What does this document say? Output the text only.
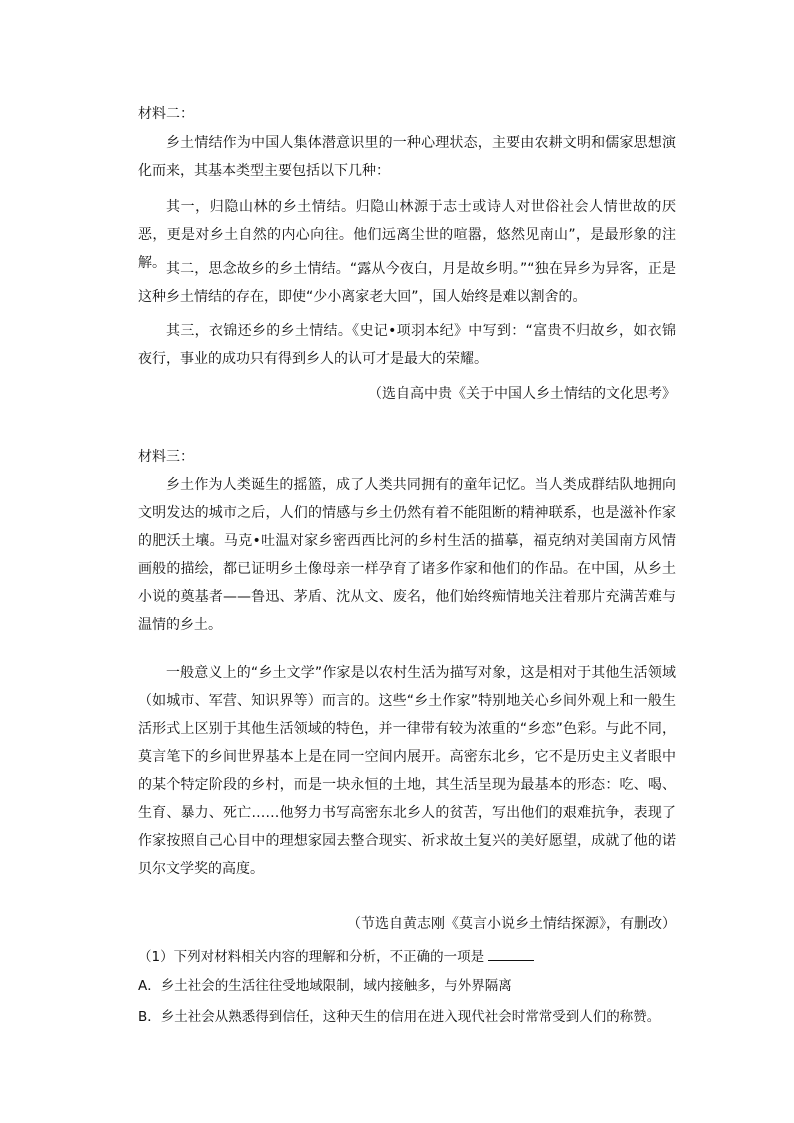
材料二：

乡土情结作为中国人集体潜意识里的一种心理状态，主要由农耕文明和儒家思想演化而来，其基本类型主要包括以下几种：

其一，归隐山林的乡土情结。归隐山林源于志士或诗人对世俗社会人情世故的厌恶，更是对乡土自然的内心向往。他们远离尘世的喧嚣，悠然见南山”，是最形象的注解。 其二，思念故乡的乡土情结。“露从今夜白，月是故乡明。”“独在异乡为异客，正是这种乡土情结的存在，即使“少小离家老大回”，国人始终是难以割舍的。

其三，衣锦还乡的乡土情结。《史记•项羽本纪》中写到：“富贵不归故乡，如衣锦夜行，事业的成功只有得到乡人的认可才是最大的荣耀。

（选自高中贵《关于中国人乡土情结的文化思考》

材料三：

乡土作为人类诞生的摇篮，成了人类共同拥有的童年记忆。当人类成群结队地拥向文明发达的城市之后，人们的情感与乡土仍然有着不能阻断的精神联系，也是滋补作家的肥沃土壤。马克•吐温对家乡密西西比河的乡村生活的描摹，福克纳对美国南方风情画般的描绘，都已证明乡土像母亲一样孕育了诸多作家和他们的作品。在中国，从乡土小说的奠基者——鲁迅、茅盾、沈从文、废名，他们始终痴情地关注着那片充满苦难与温情的乡土。

一般意义上的“乡土文学”作家是以农村生活为描写对象，这是相对于其他生活领域（如城市、军营、知识界等）而言的。这些“乡土作家”特别地关心乡间外观上和一般生活形式上区别于其他生活领域的特色，并一律带有较为浓重的“乡恋”色彩。与此不同，莫言笔下的乡间世界基本上是在同一空间内展开。高密东北乡，它不是历史主义者眼中的某个特定阶段的乡村，而是一块永恒的土地，其生活呈现为最基本的形态：吃、喝、生育、暴力、死亡……他努力书写高密东北乡人的贫苦，写出他们的艰难抗争，表现了作家按照自己心目中的理想家园去整合现实、祈求故土复兴的美好愿望，成就了他的诺贝尔文学奖的高度。

（节选自黄志刚《莫言小说乡土情结探源》，有删改）

（1）下列对材料相关内容的理解和分析，不正确的一项是

A．乡土社会的生活往往受地域限制，域内接触多，与外界隔离

B．乡土社会从熟悉得到信任，这种天生的信用在进入现代社会时常常受到人们的称赞。
